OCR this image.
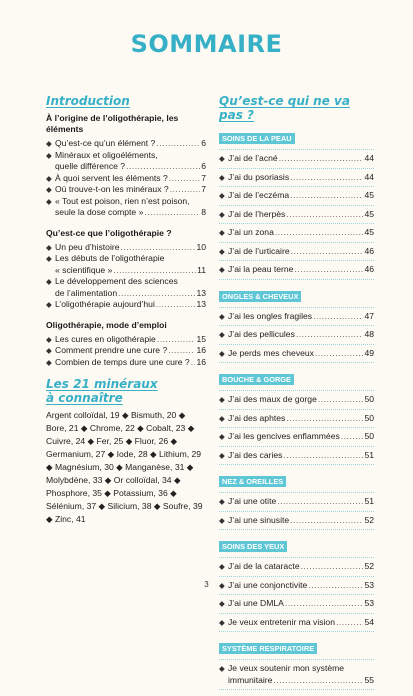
SOMMAIRE
Introduction
À l’origine de l’oligothérapie, les éléments
◆ Qu’est-ce qu’un élément ? .....	6
◆ Minéraux et oligoéléments,
quelle différence ? .....	6
◆ À quoi servent les éléments ? .....	7
◆ Où trouve-t-on les minéraux ? .....	7
◆ « Tout est poison, rien n’est poison,
seule la dose compte » .....	8
Qu’est-ce que l’oligothérapie ?
◆ Un peu d’histoire .....	10
◆ Les débuts de l’oligothérapie
« scientifique » .....	11
◆ Le développement des sciences
de l’alimentation .....	13
◆ L’oligothérapie aujourd’hui .....	13
Oligothérapie, mode d’emploi
◆ Les cures en oligothérapie .....	15
◆ Comment prendre une cure ? .....	16
◆ Combien de temps dure une cure ? ..... 16
Les 21 minéraux
à connaître
Argent colloïdal, 19 ◆ Bismuth, 20 ◆ Bore, 21 ◆ Chrome, 22 ◆ Cobalt, 23 ◆ Cuivre, 24 ◆ Fer, 25 ◆ Fluor, 26 ◆ Germanium, 27 ◆ Iode, 28 ◆ Lithium, 29 ◆ Magnésium, 30 ◆ Manganèse, 31 ◆ Molybdène, 33 ◆ Or colloïdal, 34 ◆ Phosphore, 35 ◆ Potassium, 36 ◆ Sélénium, 37 ◆ Silicium, 38 ◆ Soufre, 39 ◆ Zinc, 41
Qu’est-ce qui ne va pas ?
SOINS DE LA PEAU
◆ J’ai de l’acné .....	44
◆ J’ai du psoriasis .....	44
◆ J’ai de l’eczéma .....	45
◆ J’ai de l’herpès .....	45
◆ J’ai un zona .....	45
◆ J’ai de l’urticaire .....	46
◆ J’ai la peau terne .....	46
ONGLES & CHEVEUX
◆ J’ai les ongles fragiles .....	47
◆ J’ai des pellicules .....	48
◆ Je perds mes cheveux .....	49
BOUCHE & GORGE
◆ J’ai des maux de gorge .....	50
◆ J’ai des aphtes .....	50
◆ J’ai les gencives enflammées .....	50
◆ J’ai des caries .....	51
NEZ & OREILLES
◆ J’ai une otite .....	51
◆ J’ai une sinusite .....	52
SOINS DES YEUX
◆ J’ai de la cataracte .....	52
◆ J’ai une conjonctivite .....	53
◆ J’ai une DMLA .....	53
◆ Je veux entretenir ma vision .....	54
SYSTÈME RESPIRATOIRE
◆ Je veux soutenir mon système
immunitaire .....	55
3
